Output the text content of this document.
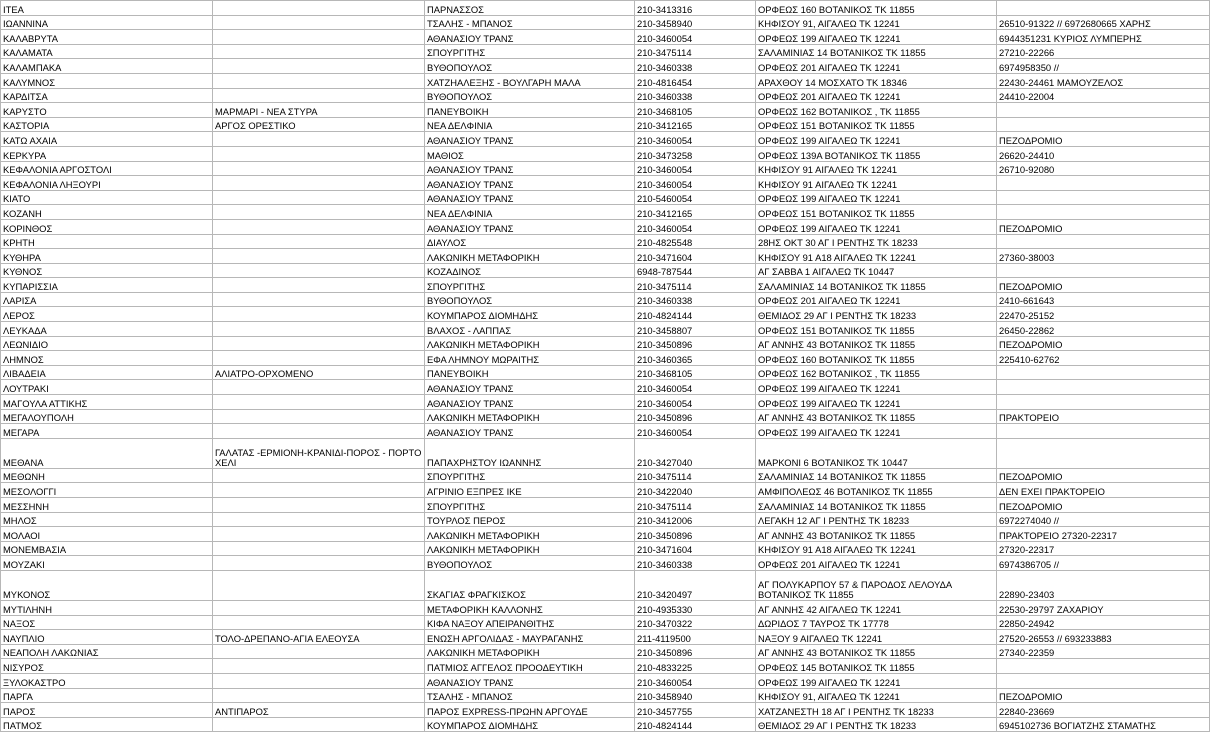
ΙΤΕΑ		ΠΑΡΝΑΣΣΟΣ	210-3413316	ΟΡΦΕΩΣ 160 ΒΟΤΑΝΙΚΟΣ ΤΚ 11855	
ΙΩΑΝΝΙΝΑ		ΤΣΑΛΗΣ - ΜΠΑΝΟΣ	210-3458940	ΚΗΦΙΣΟΥ 91, ΑΙΓΑΛΕΩ ΤΚ 12241	26510-91322 // 6972680665 ΧΑΡΗΣ
ΚΑΛΑΒΡΥΤΑ		ΑΘΑΝΑΣΙΟΥ ΤΡΑΝΣ	210-3460054	ΟΡΦΕΩΣ 199 ΑΙΓΑΛΕΩ ΤΚ 12241	6944351231 ΚΥΡΙΟΣ ΛΥΜΠΕΡΗΣ
ΚΑΛΑΜΑΤΑ		ΣΠΟΥΡΓΙΤΗΣ	210-3475114	ΣΑΛΑΜΙΝΙΑΣ 14 ΒΟΤΑΝΙΚΟΣ ΤΚ 11855	27210-22266
ΚΑΛΑΜΠΑΚΑ		ΒΥΘΟΠΟΥΛΟΣ	210-3460338	ΟΡΦΕΩΣ 201 ΑΙΓΑΛΕΩ ΤΚ 12241	6974958350 //
ΚΑΛΥΜΝΟΣ		ΧΑΤΖΗΑΛΕΞΗΣ - ΒΟΥΛΓΑΡΗ ΜΑΛΑ	210-4816454	ΑΡΑΧΘΟΥ 14 ΜΟΣΧΑΤΟ ΤΚ 18346	22430-24461 ΜΑΜΟΥΖΕΛΟΣ
ΚΑΡΔΙΤΣΑ		ΒΥΘΟΠΟΥΛΟΣ	210-3460338	ΟΡΦΕΩΣ 201 ΑΙΓΑΛΕΩ ΤΚ 12241	24410-22004
ΚΑΡΥΣΤΟ	ΜΑΡΜΑΡΙ - ΝΕΑ ΣΤΥΡΑ	ΠΑΝΕΥΒΟΙΚΗ	210-3468105	ΟΡΦΕΩΣ 162 ΒΟΤΑΝΙΚΟΣ , ΤΚ 11855	
ΚΑΣΤΟΡΙΑ	ΑΡΓΟΣ ΟΡΕΣΤΙΚΟ	ΝΕΑ ΔΕΛΦΙΝΙΑ	210-3412165	ΟΡΦΕΩΣ 151 ΒΟΤΑΝΙΚΟΣ ΤΚ 11855	
ΚΑΤΩ ΑΧΑΙΑ		ΑΘΑΝΑΣΙΟΥ ΤΡΑΝΣ	210-3460054	ΟΡΦΕΩΣ 199 ΑΙΓΑΛΕΩ ΤΚ 12241	ΠΕΖΟΔΡΟΜΙΟ
ΚΕΡΚΥΡΑ		ΜΑΘΙΟΣ	210-3473258	ΟΡΦΕΩΣ 139Α ΒΟΤΑΝΙΚΟΣ ΤΚ 11855	26620-24410
ΚΕΦΑΛΟΝΙΑ ΑΡΓΟΣΤΟΛΙ		ΑΘΑΝΑΣΙΟΥ ΤΡΑΝΣ	210-3460054	ΚΗΦΙΣΟΥ 91 ΑΙΓΑΛΕΩ ΤΚ 12241	26710-92080
ΚΕΦΑΛΟΝΙΑ ΛΗΞΟΥΡΙ		ΑΘΑΝΑΣΙΟΥ ΤΡΑΝΣ	210-3460054	ΚΗΦΙΣΟΥ 91 ΑΙΓΑΛΕΩ ΤΚ 12241	
ΚΙΑΤΟ		ΑΘΑΝΑΣΙΟΥ ΤΡΑΝΣ	210-5460054	ΟΡΦΕΩΣ 199 ΑΙΓΑΛΕΩ ΤΚ 12241	
ΚΟΖΑΝΗ		ΝΕΑ ΔΕΛΦΙΝΙΑ	210-3412165	ΟΡΦΕΩΣ 151 ΒΟΤΑΝΙΚΟΣ ΤΚ 11855	
ΚΟΡΙΝΘΟΣ		ΑΘΑΝΑΣΙΟΥ ΤΡΑΝΣ	210-3460054	ΟΡΦΕΩΣ 199 ΑΙΓΑΛΕΩ ΤΚ 12241	ΠΕΖΟΔΡΟΜΙΟ
ΚΡΗΤΗ		ΔΙΑΥΛΟΣ	210-4825548	28ΗΣ ΟΚΤ 30 ΑΓ Ι ΡΕΝΤΗΣ ΤΚ 18233	
ΚΥΘΗΡΑ		ΛΑΚΩΝΙΚΗ ΜΕΤΑΦΟΡΙΚΗ	210-3471604	ΚΗΦΙΣΟΥ 91 Α18 ΑΙΓΑΛΕΩ ΤΚ 12241	27360-38003
ΚΥΘΝΟΣ		ΚΟΖΑΔΙΝΟΣ	6948-787544	ΑΓ ΣΑΒΒΑ 1 ΑΙΓΑΛΕΩ ΤΚ 10447	
ΚΥΠΑΡΙΣΣΙΑ		ΣΠΟΥΡΓΙΤΗΣ	210-3475114	ΣΑΛΑΜΙΝΙΑΣ 14 ΒΟΤΑΝΙΚΟΣ ΤΚ 11855	ΠΕΖΟΔΡΟΜΙΟ
ΛΑΡΙΣΑ		ΒΥΘΟΠΟΥΛΟΣ	210-3460338	ΟΡΦΕΩΣ 201 ΑΙΓΑΛΕΩ ΤΚ 12241	2410-661643
ΛΕΡΟΣ		ΚΟΥΜΠΑΡΟΣ ΔΙΟΜΗΔΗΣ	210-4824144	ΘΕΜΙΔΟΣ 29 ΑΓ Ι ΡΕΝΤΗΣ ΤΚ 18233	22470-25152
ΛΕΥΚΑΔΑ		ΒΛΑΧΟΣ - ΛΑΠΠΑΣ	210-3458807	ΟΡΦΕΩΣ 151 ΒΟΤΑΝΙΚΟΣ ΤΚ 11855	26450-22862
ΛΕΩΝΙΔΙΟ		ΛΑΚΩΝΙΚΗ ΜΕΤΑΦΟΡΙΚΗ	210-3450896	ΑΓ ΑΝΝΗΣ 43 ΒΟΤΑΝΙΚΟΣ ΤΚ 11855	ΠΕΖΟΔΡΟΜΙΟ
ΛΗΜΝΟΣ		ΕΦΑ ΛΗΜΝΟΥ ΜΩΡΑΙΤΗΣ	210-3460365	ΟΡΦΕΩΣ 160 ΒΟΤΑΝΙΚΟΣ ΤΚ 11855	225410-62762
ΛΙΒΑΔΕΙΑ	ΑΛΙΑΤΡΟ-ΟΡΧΟΜΕΝΟ	ΠΑΝΕΥΒΟΙΚΗ	210-3468105	ΟΡΦΕΩΣ 162 ΒΟΤΑΝΙΚΟΣ , ΤΚ 11855	
ΛΟΥΤΡΑΚΙ		ΑΘΑΝΑΣΙΟΥ ΤΡΑΝΣ	210-3460054	ΟΡΦΕΩΣ 199 ΑΙΓΑΛΕΩ ΤΚ 12241	
ΜΑΓΟΥΛΑ ΑΤΤΙΚΗΣ		ΑΘΑΝΑΣΙΟΥ ΤΡΑΝΣ	210-3460054	ΟΡΦΕΩΣ 199 ΑΙΓΑΛΕΩ ΤΚ 12241	
ΜΕΓΑΛΟΥΠΟΛΗ		ΛΑΚΩΝΙΚΗ ΜΕΤΑΦΟΡΙΚΗ	210-3450896	ΑΓ ΑΝΝΗΣ 43 ΒΟΤΑΝΙΚΟΣ ΤΚ 11855	ΠΡΑΚΤΟΡΕΙΟ
ΜΕΓΑΡΑ		ΑΘΑΝΑΣΙΟΥ ΤΡΑΝΣ	210-3460054	ΟΡΦΕΩΣ 199 ΑΙΓΑΛΕΩ ΤΚ 12241	
ΜΕΘΑΝΑ	ΓΑΛΑΤΑΣ -ΕΡΜΙΟΝΗ-ΚΡΑΝΙΔΙ-ΠΟΡΟΣ - ΠΟΡΤΟ ΧΕΛΙ	ΠΑΠΑΧΡΗΣΤΟΥ ΙΩΑΝΝΗΣ	210-3427040	ΜΑΡΚΟΝΙ 6 ΒΟΤΑΝΙΚΟΣ ΤΚ 10447	
ΜΕΘΩΝΗ		ΣΠΟΥΡΓΙΤΗΣ	210-3475114	ΣΑΛΑΜΙΝΙΑΣ 14 ΒΟΤΑΝΙΚΟΣ ΤΚ 11855	ΠΕΖΟΔΡΟΜΙΟ
ΜΕΣΟΛΟΓΓΙ		ΑΓΡΙΝΙΟ ΕΞΠΡΕΣ ΙΚΕ	210-3422040	ΑΜΦΙΠΟΛΕΩΣ 46 ΒΟΤΑΝΙΚΟΣ ΤΚ 11855	ΔΕΝ ΕΧΕΙ ΠΡΑΚΤΟΡΕΙΟ
ΜΕΣΣΗΝΗ		ΣΠΟΥΡΓΙΤΗΣ	210-3475114	ΣΑΛΑΜΙΝΙΑΣ 14 ΒΟΤΑΝΙΚΟΣ ΤΚ 11855	ΠΕΖΟΔΡΟΜΙΟ
ΜΗΛΟΣ		ΤΟΥΡΛΟΣ ΠΕΡΟΣ	210-3412006	ΛΕΓΑΚΗ 12 ΑΓ Ι ΡΕΝΤΗΣ ΤΚ 18233	6972274040 //
ΜΟΛΑΟΙ		ΛΑΚΩΝΙΚΗ ΜΕΤΑΦΟΡΙΚΗ	210-3450896	ΑΓ ΑΝΝΗΣ 43 ΒΟΤΑΝΙΚΟΣ ΤΚ 11855	ΠΡΑΚΤΟΡΕΙΟ 27320-22317
ΜΟΝΕΜΒΑΣΙΑ		ΛΑΚΩΝΙΚΗ ΜΕΤΑΦΟΡΙΚΗ	210-3471604	ΚΗΦΙΣΟΥ 91 Α18 ΑΙΓΑΛΕΩ ΤΚ 12241	27320-22317
ΜΟΥΖΑΚΙ		ΒΥΘΟΠΟΥΛΟΣ	210-3460338	ΟΡΦΕΩΣ 201 ΑΙΓΑΛΕΩ ΤΚ 12241	6974386705 //
ΜΥΚΟΝΟΣ		ΣΚΑΓΙΑΣ ΦΡΑΓΚΙΣΚΟΣ	210-3420497	ΑΓ ΠΟΛΥΚΑΡΠΟΥ 57 & ΠΑΡΟΔΟΣ ΛΕΛΟΥΔΑ ΒΟΤΑΝΙΚΟΣ ΤΚ 11855	22890-23403
ΜΥΤΙΛΗΝΗ		ΜΕΤΑΦΟΡΙΚΗ ΚΑΛΛΟΝΗΣ	210-4935330	ΑΓ ΑΝΝΗΣ 42 ΑΙΓΑΛΕΩ ΤΚ 12241	22530-29797 ΖΑΧΑΡΙΟΥ
ΝΑΞΟΣ		ΚΙΦΑ ΝΑΞΟΥ ΑΠΕΙΡΑΝΘΙΤΗΣ	210-3470322	ΔΩΡΙΔΟΣ 7 ΤΑΥΡΟΣ ΤΚ 17778	22850-24942
ΝΑΥΠΛΙΟ	ΤΟΛΟ-ΔΡΕΠΑΝΟ-ΑΓΙΑ ΕΛΕΟΥΣΑ	ΕΝΩΣΗ ΑΡΓΟΛΙΔΑΣ - ΜΑΥΡΑΓΑΝΗΣ	211-4119500	ΝΑΞΟΥ 9 ΑΙΓΑΛΕΩ ΤΚ 12241	27520-26553 // 693233883
ΝΕΑΠΟΛΗ ΛΑΚΩΝΙΑΣ		ΛΑΚΩΝΙΚΗ ΜΕΤΑΦΟΡΙΚΗ	210-3450896	ΑΓ ΑΝΝΗΣ 43 ΒΟΤΑΝΙΚΟΣ ΤΚ 11855	27340-22359
ΝΙΣΥΡΟΣ		ΠΑΤΜΙΟΣ ΑΓΓΕΛΟΣ ΠΡΟΟΔΕΥΤΙΚΗ	210-4833225	ΟΡΦΕΩΣ 145 ΒΟΤΑΝΙΚΟΣ ΤΚ 11855	
ΞΥΛΟΚΑΣΤΡΟ		ΑΘΑΝΑΣΙΟΥ ΤΡΑΝΣ	210-3460054	ΟΡΦΕΩΣ 199 ΑΙΓΑΛΕΩ ΤΚ 12241	
ΠΑΡΓΑ		ΤΣΑΛΗΣ - ΜΠΑΝΟΣ	210-3458940	ΚΗΦΙΣΟΥ 91, ΑΙΓΑΛΕΩ ΤΚ 12241	ΠΕΖΟΔΡΟΜΙΟ
ΠΑΡΟΣ	ΑΝΤΙΠΑΡΟΣ	ΠΑΡΟΣ EXPRESS-ΠΡΩΗΝ ΑΡΓΟΥΔΕ	210-3457755	ΧΑΤΖΑΝΕΣΤΗ 18 ΑΓ Ι ΡΕΝΤΗΣ ΤΚ 18233	22840-23669
ΠΑΤΜΟΣ		ΚΟΥΜΠΑΡΟΣ ΔΙΟΜΗΔΗΣ	210-4824144	ΘΕΜΙΔΟΣ 29 ΑΓ Ι ΡΕΝΤΗΣ ΤΚ 18233	6945102736 ΒΟΓΙΑΤΖΗΣ ΣΤΑΜΑΤΗΣ
